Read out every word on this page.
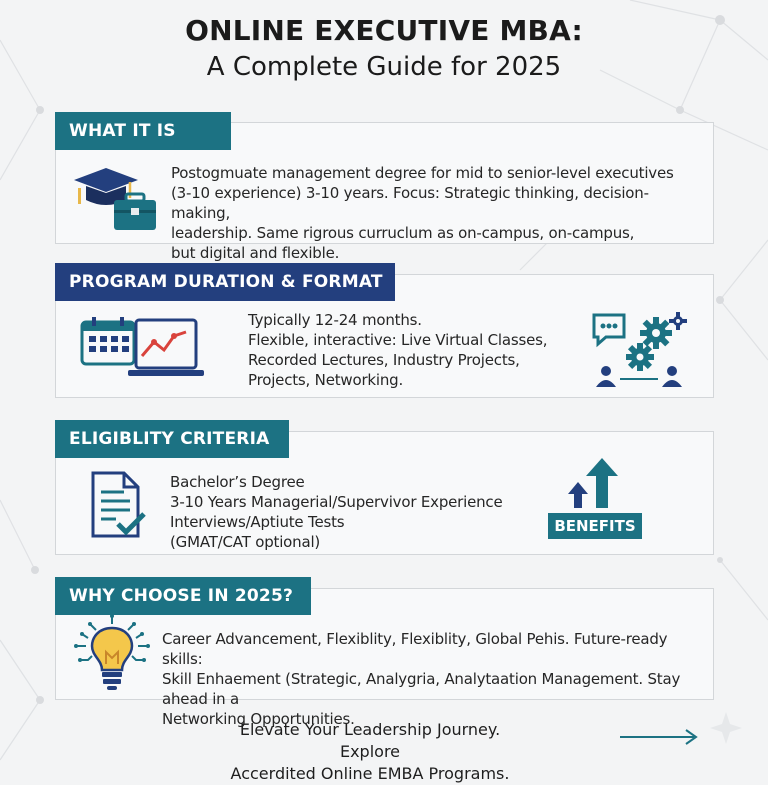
ONLINE EXECUTIVE MBA:
A Complete Guide for 2025
WHAT IT IS
Postogmuate management degree for mid to senior-level executives
(3-10 experience) 3-10 years. Focus: Strategic thinking, decision-making,
leadership. Same rigrous curruclum as on-campus, on-campus,
but digital and flexible.
PROGRAM DURATION & FORMAT
Typically 12-24 months.
Flexible, interactive: Live Virtual Classes,
Recorded Lectures, Industry Projects,
Projects, Networking.
ELIGIBLITY CRITERIA
Bachelor’s Degree
3-10 Years Managerial/Supervivor Experience
Interviews/Aptiute Tests
(GMAT/CAT optional)
BENEFITS
WHY CHOOSE IN 2025?
Career Advancement, Flexiblity, Flexiblity, Global Pehis. Future-ready skills:
Skill Enhaement (Strategic, Analygria, Analytaation Management. Stay ahead in a
Networking Opportunities.
Elevate Your Leadership Journey. Explore
Accerdited Online EMBA Programs.
